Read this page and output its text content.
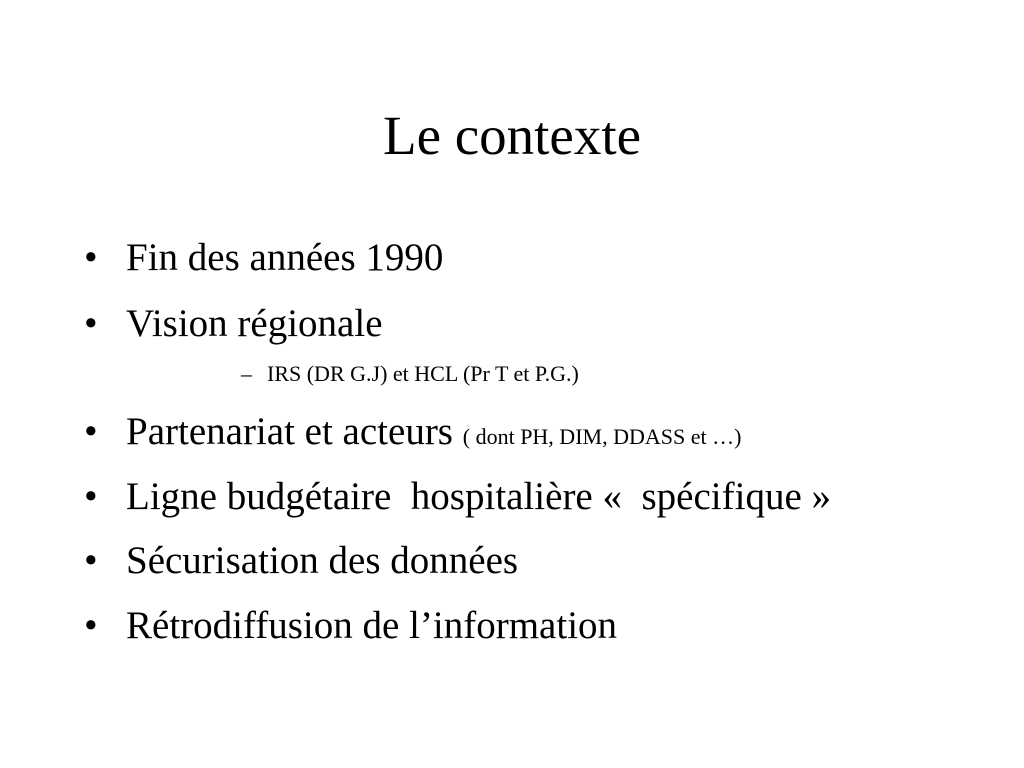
Le contexte
• Fin des années 1990
• Vision régionale
– IRS (DR G.J) et HCL (Pr T et P.G.)
• Partenariat et acteurs ( dont PH, DIM, DDASS et …)
• Ligne budgétaire  hospitalière «  spécifique »
• Sécurisation des données
• Rétrodiffusion de l’information
